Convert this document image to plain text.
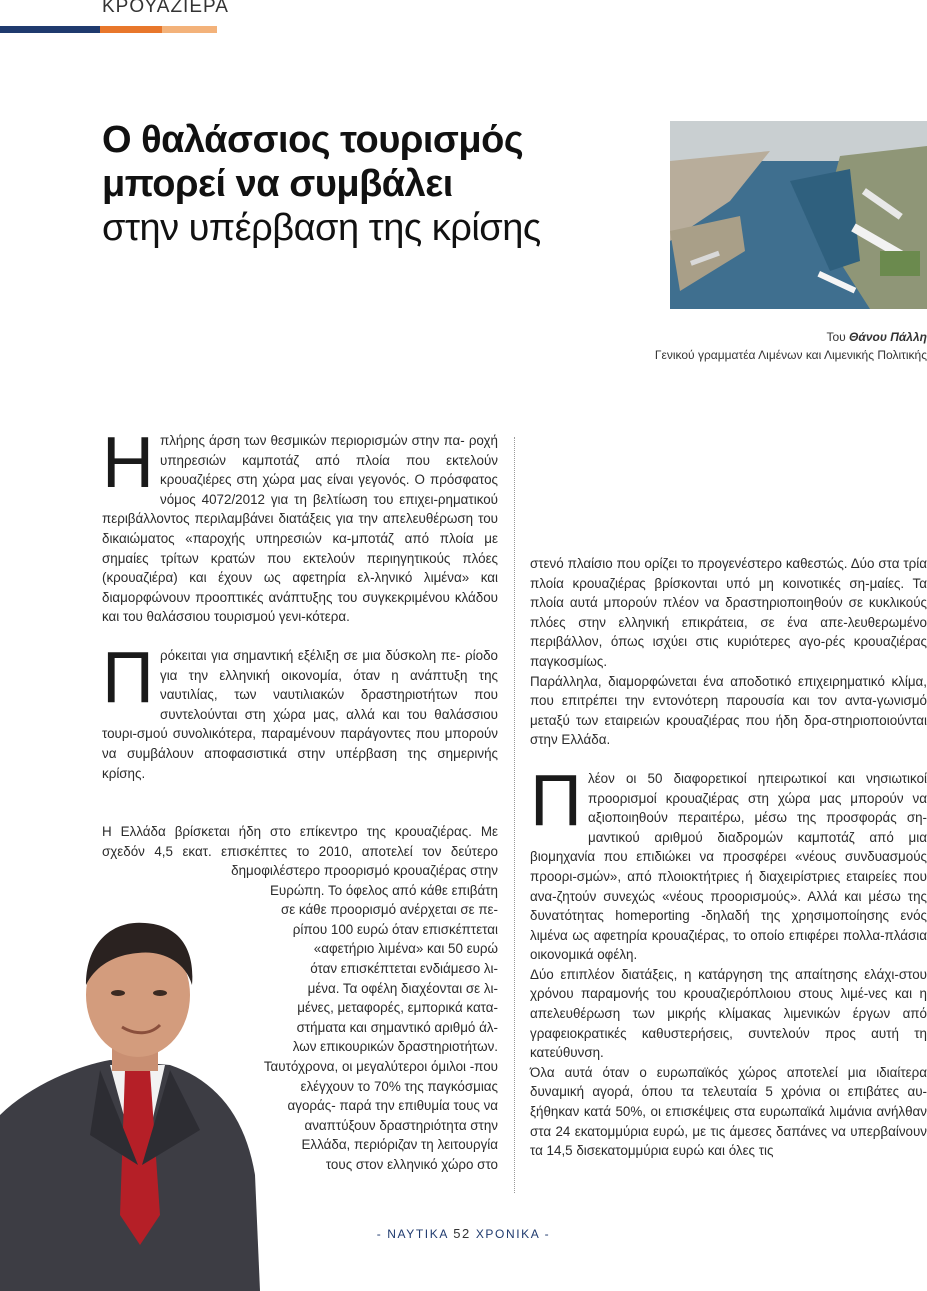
ΚΡΟΥΑΖΙΕΡΑ
Ο θαλάσσιος τουρισμός
μπορεί να συμβάλει
στην υπέρβαση της κρίσης
Του Θάνου Πάλλη
Γενικού γραμματέα Λιμένων και Λιμενικής Πολιτικής

Η πλήρης άρση των θεσμικών περιορισμών στην πα- ροχή υπηρεσιών καμποτάζ από πλοία που εκτελούν κρουαζιέρες στη χώρα μας είναι γεγονός. Ο πρόσφατος νόμος 4072/2012 για τη βελτίωση του επιχει-ρηματικού περιβάλλοντος περιλαμβάνει διατάξεις για την απελευθέρωση του δικαιώματος «παροχής υπηρεσιών κα-μποτάζ από πλοία με σημαίες τρίτων κρατών που εκτελούν περιηγητικούς πλόες (κρουαζιέρα) και έχουν ως αφετηρία ελ-ληνικό λιμένα» και διαμορφώνουν προοπτικές ανάπτυξης του συγκεκριμένου κλάδου και του θαλάσσιου τουρισμού γενι-κότερα.

Π ρόκειται για σημαντική εξέλιξη σε μια δύσκολη πε- ρίοδο για την ελληνική οικονομία, όταν η ανάπτυξη της ναυτιλίας, των ναυτιλιακών δραστηριοτήτων που συντελούνται στη χώρα μας, αλλά και του θαλάσσιου τουρι-σμού συνολικότερα, παραμένουν παράγοντες που μπορούν να συμβάλουν αποφασιστικά στην υπέρβαση της σημερινής κρίσης.

Η Ελλάδα βρίσκεται ήδη στο επίκεντρο της κρουαζιέρας. Με
σχεδόν 4,5 εκατ. επισκέπτες το 2010, αποτελεί τον δεύτερο
δημοφιλέστερο προορισμό κρουαζιέρας στην
Ευρώπη. Το όφελος από κάθε επιβάτη
σε κάθε προορισμό ανέρχεται σε πε-
ρίπου 100 ευρώ όταν επισκέπτεται
«αφετήριο λιμένα» και 50 ευρώ
όταν επισκέπτεται ενδιάμεσο λι-
μένα. Τα οφέλη διαχέονται σε λι-
μένες, μεταφορές, εμπορικά κατα-
στήματα και σημαντικό αριθμό άλ-
λων επικουρικών δραστηριοτήτων.
Ταυτόχρονα, οι μεγαλύτεροι όμιλοι -που
ελέγχουν το 70% της παγκόσμιας
αγοράς- παρά την επιθυμία τους να
αναπτύξουν δραστηριότητα στην
Ελλάδα, περιόριζαν τη λειτουργία
τους στον ελληνικό χώρο στο

στενό πλαίσιο που ορίζει το προγενέστερο καθεστώς. Δύο στα τρία πλοία κρουαζιέρας βρίσκονται υπό μη κοινοτικές ση-μαίες. Τα πλοία αυτά μπορούν πλέον να δραστηριοποιηθούν σε κυκλικούς πλόες στην ελληνική επικράτεια, σε ένα απε-λευθερωμένο περιβάλλον, όπως ισχύει στις κυριότερες αγο-ρές κρουαζιέρας παγκοσμίως.

Παράλληλα, διαμορφώνεται ένα αποδοτικό επιχειρηματικό κλίμα, που επιτρέπει την εντονότερη παρουσία και τον αντα-γωνισμό μεταξύ των εταιρειών κρουαζιέρας που ήδη δρα-στηριοποιούνται στην Ελλάδα.

Π λέον οι 50 διαφορετικοί ηπειρωτικοί και νησιωτικοί προορισμοί κρουαζιέρας στη χώρα μας μπορούν να αξιοποιηθούν περαιτέρω, μέσω της προσφοράς ση- μαντικού αριθμού διαδρομών καμποτάζ από μια βιομηχανία που επιδιώκει να προσφέρει «νέους συνδυασμούς προορι-σμών», από πλοιοκτήτριες ή διαχειρίστριες εταιρείες που ανα-ζητούν συνεχώς «νέους προορισμούς». Αλλά και μέσω της δυνατότητας homeporting -δηλαδή της χρησιμοποίησης ενός λιμένα ως αφετηρία κρουαζιέρας, το οποίο επιφέρει πολλα-πλάσια οικονομικά οφέλη.

Δύο επιπλέον διατάξεις, η κατάργηση της απαίτησης ελάχι-στου χρόνου παραμονής του κρουαζιερόπλοιου στους λιμέ-νες και η απελευθέρωση των μικρής κλίμακας λιμενικών έργων από γραφειοκρατικές καθυστερήσεις, συντελούν προς αυτή τη κατεύθυνση.

Όλα αυτά όταν ο ευρωπαϊκός χώρος αποτελεί μια ιδιαίτερα δυναμική αγορά, όπου τα τελευταία 5 χρόνια οι επιβάτες αυ-ξήθηκαν κατά 50%, οι επισκέψεις στα ευρωπαϊκά λιμάνια ανήλθαν στα 24 εκατομμύρια ευρώ, με τις άμεσες δαπάνες να υπερβαίνουν τα 14,5 δισεκατομμύρια ευρώ και όλες τις

- ΝΑΥΤΙΚΑ 52 ΧΡΟΝΙΚΑ -
